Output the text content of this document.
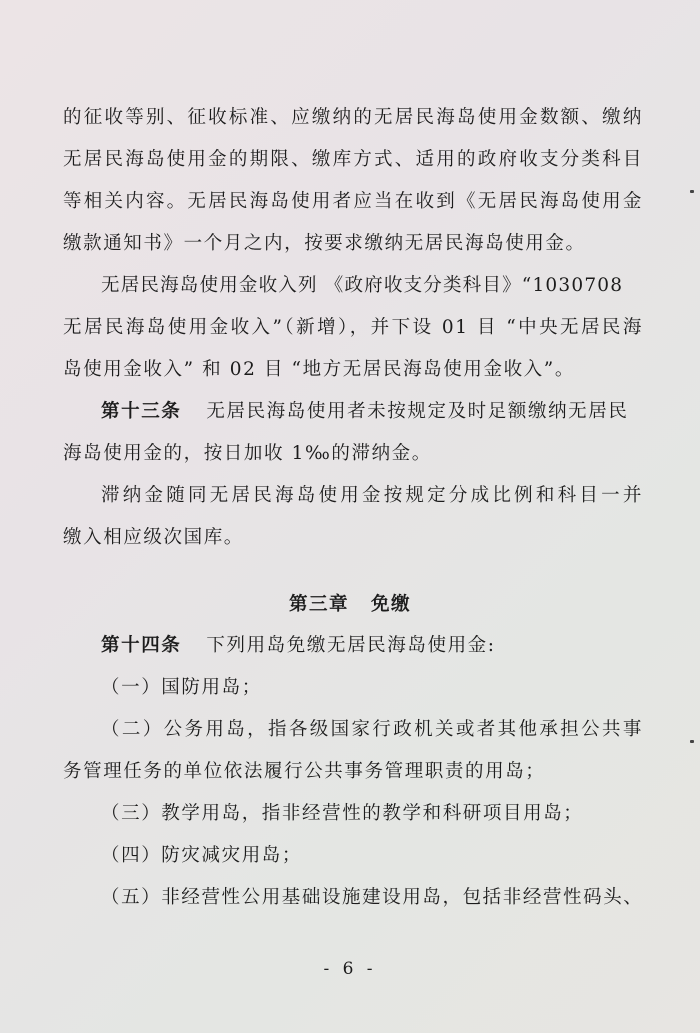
的征收等别、征收标准、应缴纳的无居民海岛使用金数额、缴纳
无居民海岛使用金的期限、缴库方式、适用的政府收支分类科目
等相关内容。无居民海岛使用者应当在收到《无居民海岛使用金
缴款通知书》一个月之内，按要求缴纳无居民海岛使用金。
无居民海岛使用金收入列 《政府收支分类科目》“1030708
无居民海岛使用金收入”（新增），并下设 01 目 “中央无居民海
岛使用金收入” 和 02 目 “地方无居民海岛使用金收入”。
第十三条 无居民海岛使用者未按规定及时足额缴纳无居民
海岛使用金的，按日加收 1‰的滞纳金。
滞纳金随同无居民海岛使用金按规定分成比例和科目一并
缴入相应级次国库。
第三章 免缴
第十四条 下列用岛免缴无居民海岛使用金:
（一）国防用岛；
（二）公务用岛，指各级国家行政机关或者其他承担公共事
务管理任务的单位依法履行公共事务管理职责的用岛；
（三）教学用岛，指非经营性的教学和科研项目用岛；
（四）防灾减灾用岛；
（五）非经营性公用基础设施建设用岛，包括非经营性码头、
- 6 -
